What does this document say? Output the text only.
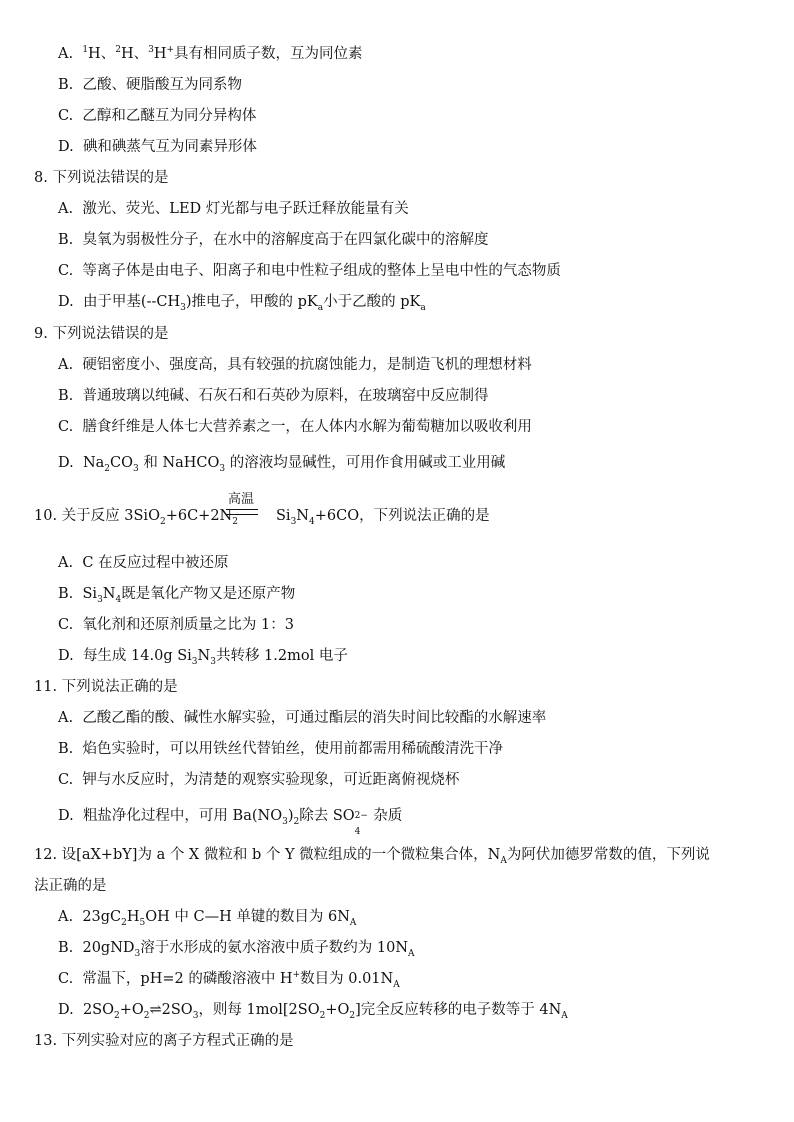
A. $^1$H、$^2$H、$^3$H+具有相同质子数，互为同位素
B. 乙酸、硬脂酸互为同系物
C. 乙醇和乙醚互为同分异构体
D. 碘和碘蒸气互为同素异形体
8. 下列说法错误的是
A. 激光、荧光、LED 灯光都与电子跃迁释放能量有关
B. 臭氧为弱极性分子，在水中的溶解度高于在四氯化碳中的溶解度
C. 等离子体是由电子、阳离子和电中性粒子组成的整体上呈电中性的气态物质
D. 由于甲基$(--CH_3)$推电子，甲酸的 $pK_a$小于乙酸的 $pK_a$
9. 下列说法错误的是
A. 硬铝密度小、强度高，具有较强的抗腐蚀能力，是制造飞机的理想材料
B. 普通玻璃以纯碱、石灰石和石英砂为原料，在玻璃窑中反应制得
C. 膳食纤维是人体七大营养素之一，在人体内水解为葡萄糖加以吸收利用
D. $Na_2CO_3$ 和 NaHCO$_3$ 的溶液均显碱性，可用作食用碱或工业用碱
高温
10. 关于反应 $3SiO_2+6C+2N_2$	$Si_3N_4+6CO$，下列说法正确的是
A. C 在反应过程中被还原
B. $Si_3N_4$既是氧化产物又是还原产物
C. 氧化剂和还原剂质量之比为 1：3
D. 每生成 14.0g $Si_3N_3$共转移 1.2mol 电子
11. 下列说法正确的是
A. 乙酸乙酯的酸、碱性水解实验，可通过酯层的消失时间比较酯的水解速率
B. 焰色实验时，可以用铁丝代替铂丝，使用前都需用稀硫酸清洗干净
C. 钾与水反应时，为清楚的观察实验现象，可近距离俯视烧杯
D. 粗盐净化过程中，可用 $Ba(NO_3)_2$除去 SO 2−
4
杂质
12. 设[aX+bY]为 a 个 X 微粒和 b 个 Y 微粒组成的一个微粒集合体，$N_A$为阿伏加德罗常数的值，下列说
法正确的是
A. $23gC_2H_5OH$ 中 C—H 单键的数目为 $6N_A$
B. 20gND$_3$溶于水形成的氨水溶液中质子数约为 $10N_A$
C. 常温下，pH=2 的磷酸溶液中 H+数目为 $0.01N_A$
D. $2SO_2+O_2\rightleftharpoons 2SO_3$，则每 $1mol[2SO_2+O_2]$完全反应转移的电子数等于 $4N_A$
13. 下列实验对应的离子方程式正确的是
